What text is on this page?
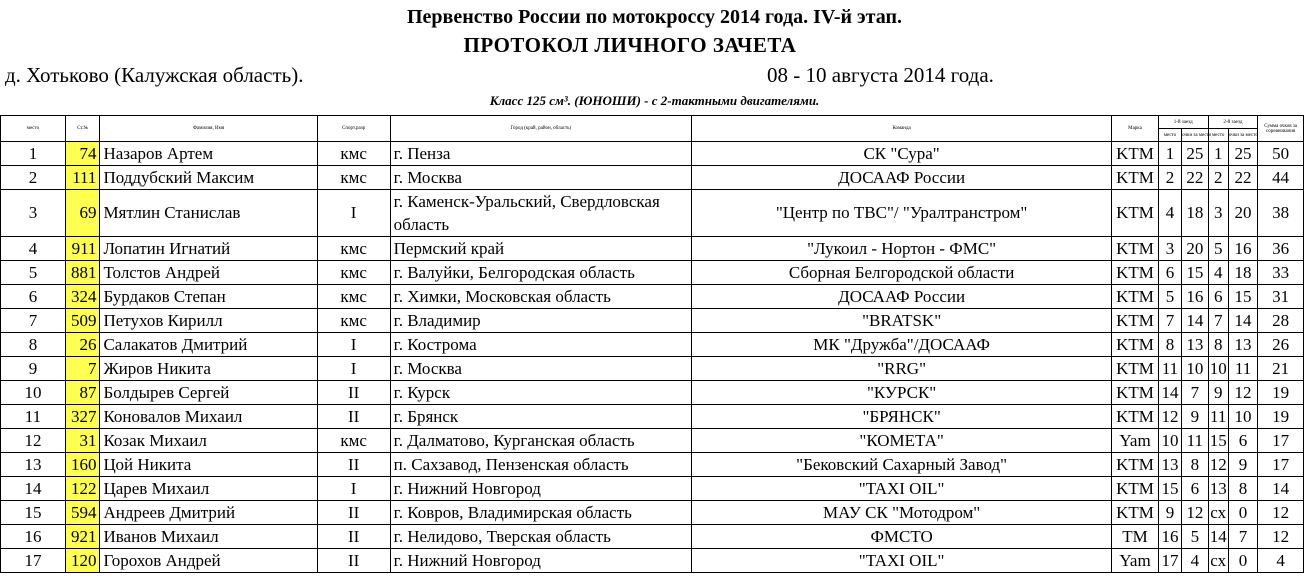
Первенство России по мотокроссу 2014 года. IV-й этап.
ПРОТОКОЛ ЛИЧНОГО ЗАЧЕТА
д. Хотьково (Калужская область).	08 - 10 августа 2014 года.
Класс 125 см³. (ЮНОШИ) - с 2-тактными двигателями.
место	Ст.№	Фамилия, Имя	Спорт.разр	Город (край, район, область)	Команда	Марка	1-й заезд		2-й заезд		Сумма очков за соревнования
							место	очки за место	место	очки за место	
1	74	Назаров Артем	кмс	г. Пенза	СК "Сура"	KTM	1	25	1	25	50
2	111	Поддубский Максим	кмс	г. Москва	ДОСААФ России	KTM	2	22	2	22	44
3	69	Мятлин Станислав	I	г. Каменск-Уральский, Свердловская область	"Центр по ТВС"/ "Уралтранстром"	KTM	4	18	3	20	38
4	911	Лопатин Игнатий	кмс	Пермский край	"Лукоил - Нортон - ФМС"	KTM	3	20	5	16	36
5	881	Толстов Андрей	кмс	г. Валуйки, Белгородская область	Сборная Белгородской области	KTM	6	15	4	18	33
6	324	Бурдаков Степан	кмс	г. Химки, Московская область	ДОСААФ России	KTM	5	16	6	15	31
7	509	Петухов Кирилл	кмс	г. Владимир	"BRATSK"	KTM	7	14	7	14	28
8	26	Салакатов Дмитрий	I	г. Кострома	МК "Дружба"/ДОСААФ	KTM	8	13	8	13	26
9	7	Жиров Никита	I	г. Москва	"RRG"	KTM	11	10	10	11	21
10	87	Болдырев Сергей	II	г. Курск	"КУРСК"	KTM	14	7	9	12	19
11	327	Коновалов Михаил	II	г. Брянск	"БРЯНСК"	KTM	12	9	11	10	19
12	31	Козак Михаил	кмс	г. Далматово, Курганская область	"КОМЕТА"	Yam	10	11	15	6	17
13	160	Цой Никита	II	п. Сахзавод, Пензенская область	"Бековский Сахарный Завод"	KTM	13	8	12	9	17
14	122	Царев Михаил	I	г. Нижний Новгород	"TAXI OIL"	KTM	15	6	13	8	14
15	594	Андреев Дмитрий	II	г. Ковров, Владимирская область	МАУ СК "Мотодром"	KTM	9	12	сх	0	12
16	921	Иванов Михаил	II	г. Нелидово, Тверская область	ФМСТО	TM	16	5	14	7	12
17	120	Горохов Андрей	II	г. Нижний Новгород	"TAXI OIL"	Yam	17	4	сх	0	4
